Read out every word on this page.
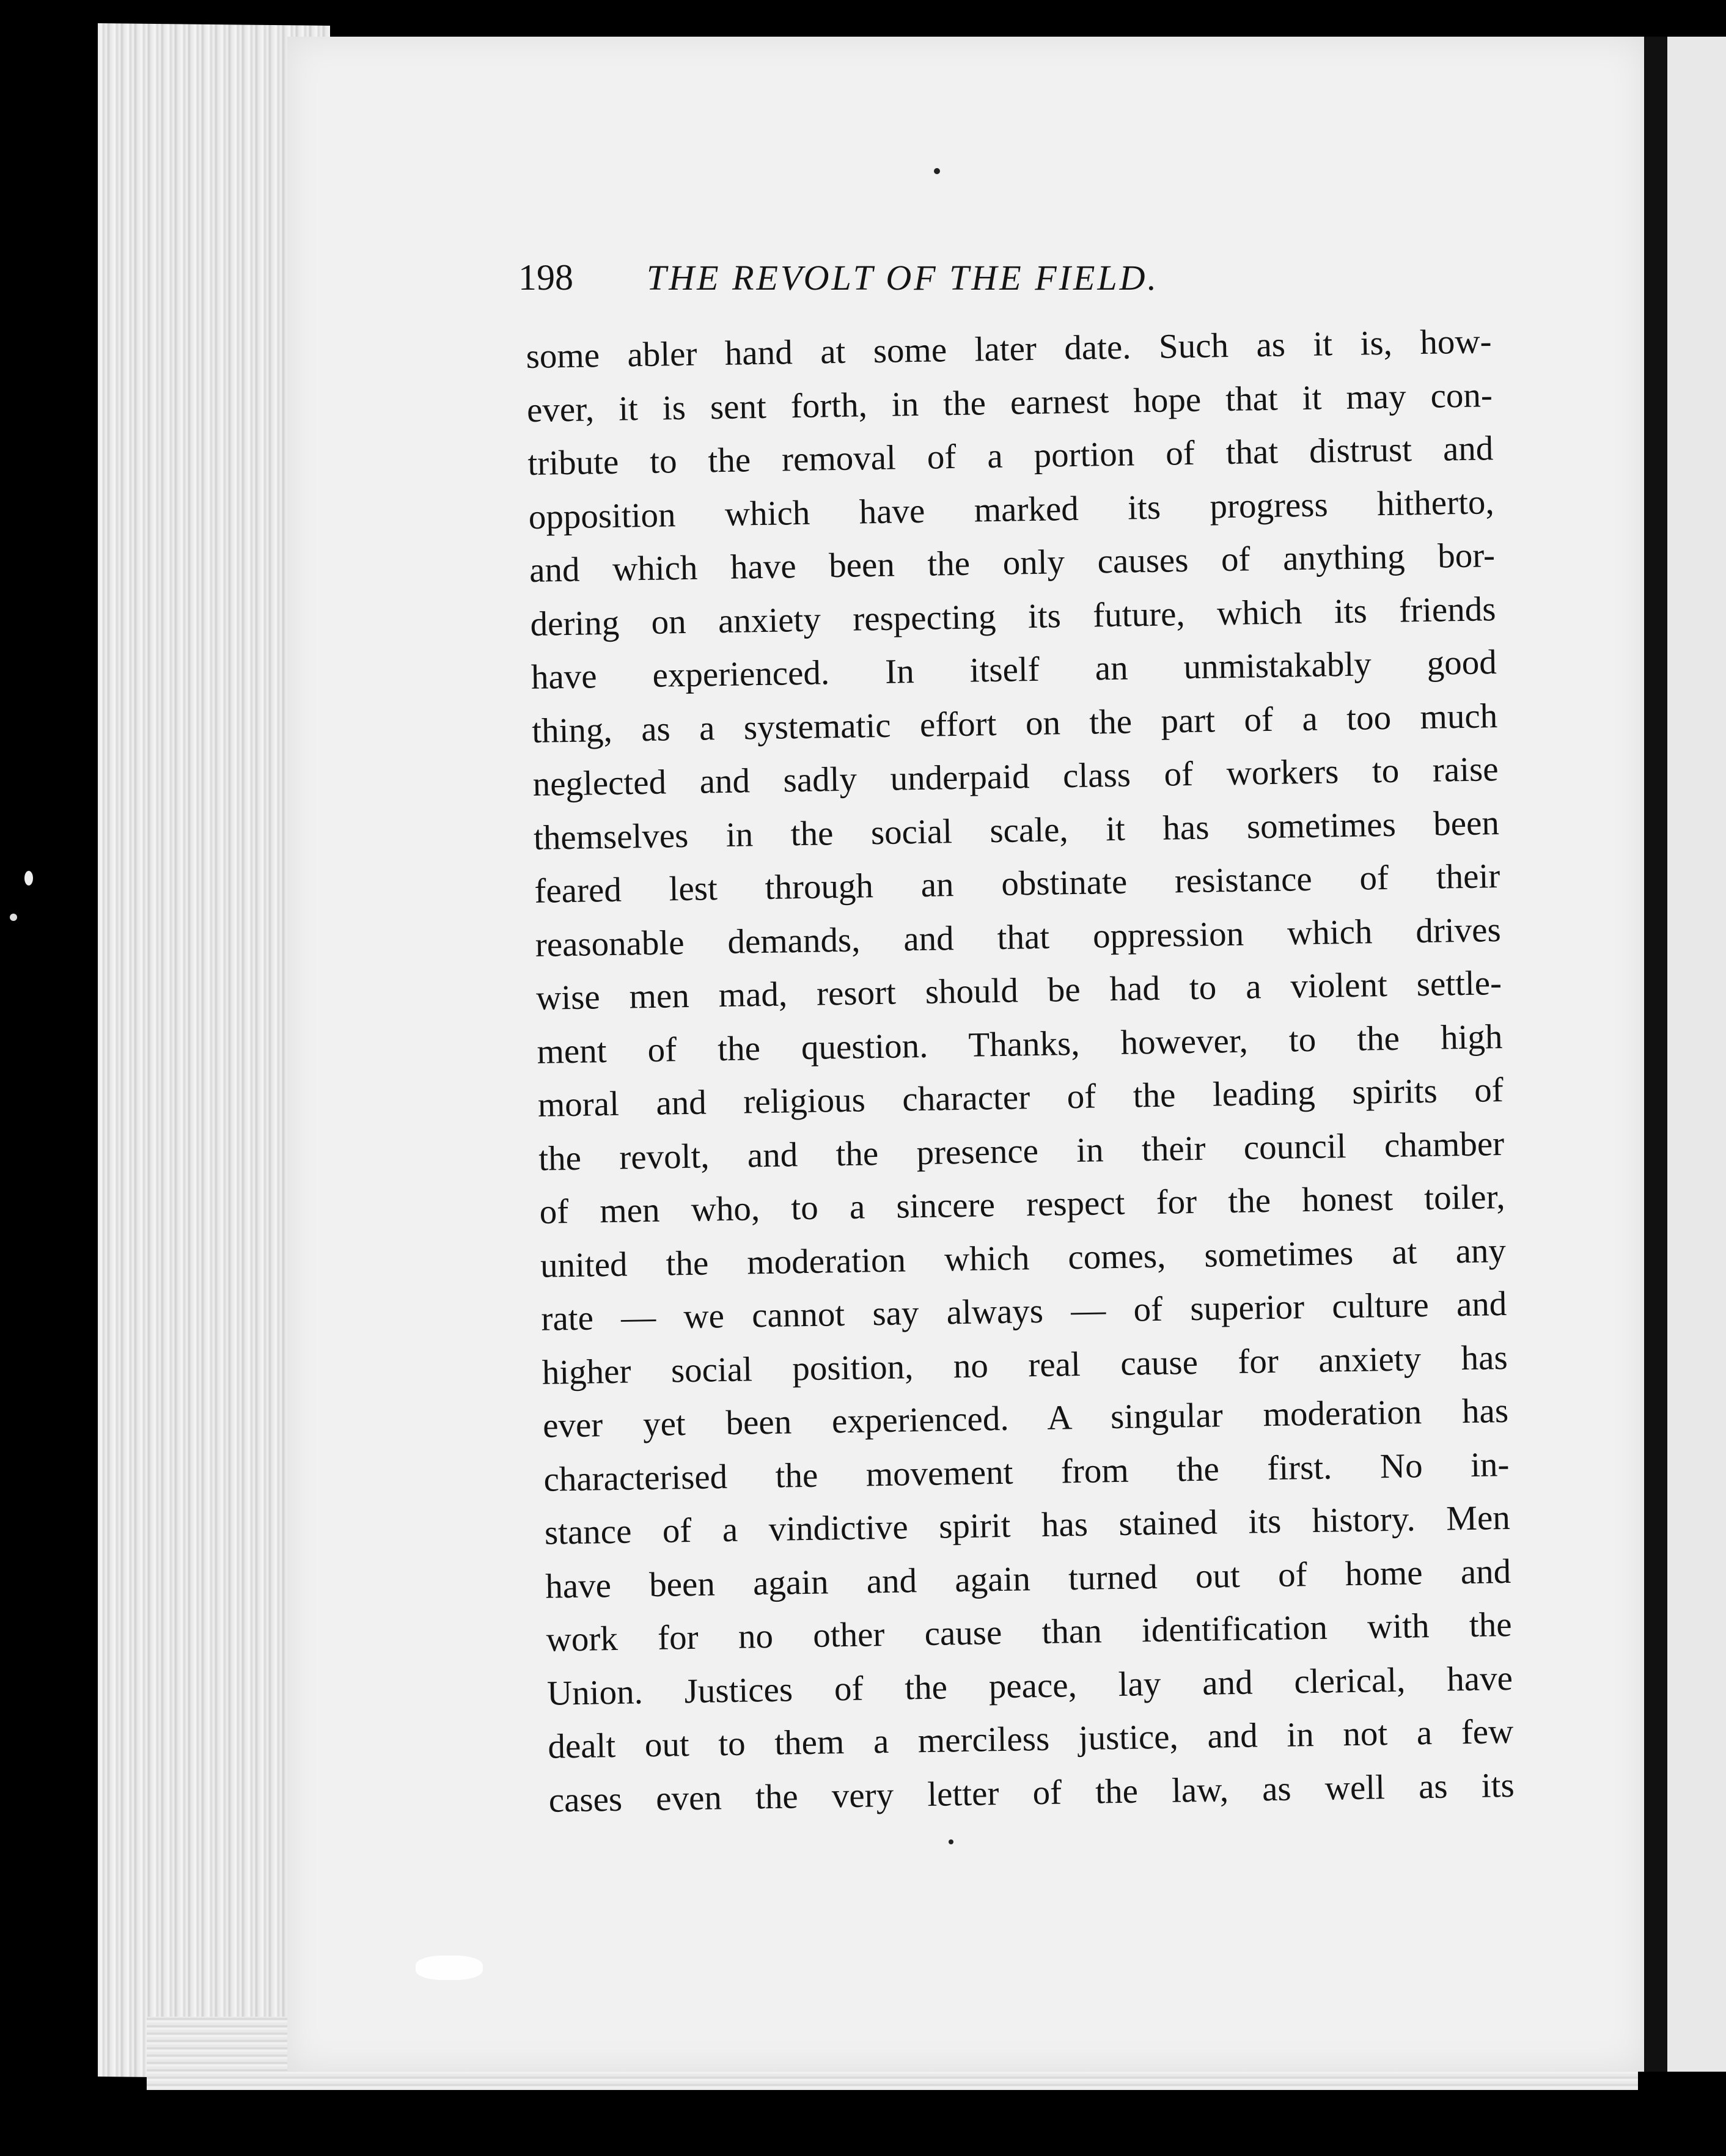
198 THE REVOLT OF THE FIELD.
some abler hand at some later date. Such as it is, how-
ever, it is sent forth, in the earnest hope that it may con-
tribute to the removal of a portion of that distrust and
opposition which have marked its progress hitherto,
and which have been the only causes of anything bor-
dering on anxiety respecting its future, which its friends
have experienced. In itself an unmistakably good
thing, as a systematic effort on the part of a too much
neglected and sadly underpaid class of workers to raise
themselves in the social scale, it has sometimes been
feared lest through an obstinate resistance of their
reasonable demands, and that oppression which drives
wise men mad, resort should be had to a violent settle-
ment of the question. Thanks, however, to the high
moral and religious character of the leading spirits of
the revolt, and the presence in their council chamber
of men who, to a sincere respect for the honest toiler,
united the moderation which comes, sometimes at any
rate — we cannot say always — of superior culture and
higher social position, no real cause for anxiety has
ever yet been experienced. A singular moderation has
characterised the movement from the first. No in-
stance of a vindictive spirit has stained its history. Men
have been again and again turned out of home and
work for no other cause than identification with the
Union. Justices of the peace, lay and clerical, have
dealt out to them a merciless justice, and in not a few
cases even the very letter of the law, as well as its
